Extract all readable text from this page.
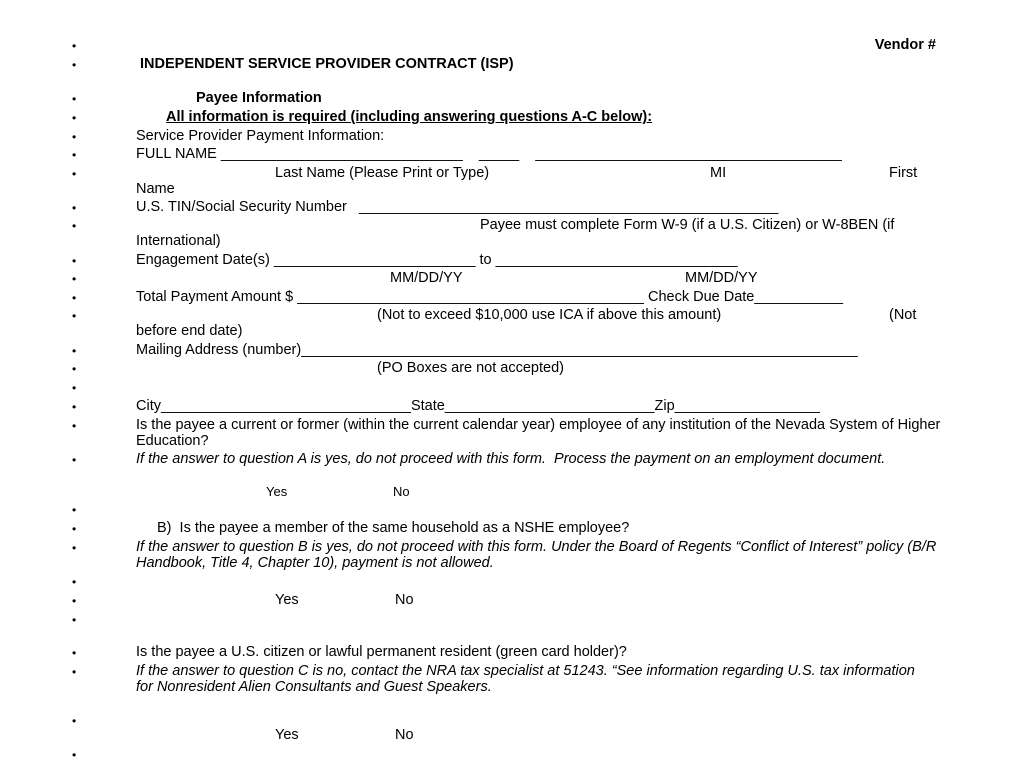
•
•
•
•
•
•
•
•
•
•
•
•
•
•
•
•
•
•
•
•
•
•
•
•
•
•
•
•
•
Vendor #
INDEPENDENT SERVICE PROVIDER CONTRACT (ISP)
Payee Information
All information is required (including answering questions A-C below):
Service Provider Payment Information:
FULL NAME ______________________________    _____    ______________________________________
Last Name (Please Print or Type)	MI	First
Name
U.S. TIN/Social Security Number   ____________________________________________________
Payee must complete Form W-9 (if a U.S. Citizen) or W-8BEN (if
International)
Engagement Date(s) _________________________ to ______________________________
MM/DD/YY	MM/DD/YY
Total Payment Amount $ ___________________________________________ Check Due Date___________
(Not to exceed $10,000 use ICA if above this amount)	(Not
before end date)
Mailing Address (number)_____________________________________________________________________
(PO Boxes are not accepted)
City_______________________________State__________________________Zip__________________
Is the payee a current or former (within the current calendar year) employee of any institution of the Nevada System of Higher Education?
If the answer to question A is yes, do not proceed with this form.  Process the payment on an employment document.
Yes	No
B)  Is the payee a member of the same household as a NSHE employee?
If the answer to question B is yes, do not proceed with this form. Under the Board of Regents “Conflict of Interest” policy (B/R Handbook, Title 4, Chapter 10), payment is not allowed.
Yes	No
Is the payee a U.S. citizen or lawful permanent resident (green card holder)?
If the answer to question C is no, contact the NRA tax specialist at 51243. “See information regarding U.S. tax information for Nonresident Alien Consultants and Guest Speakers.
Yes	No
